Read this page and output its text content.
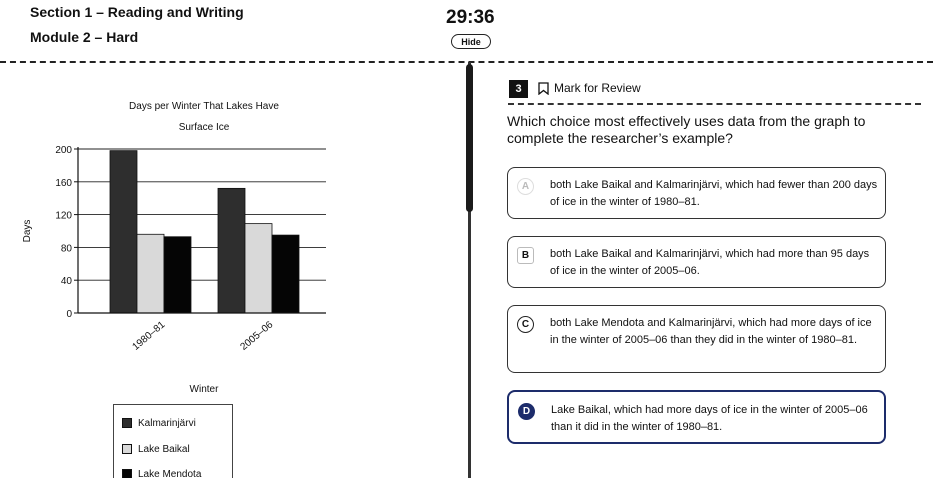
Section 1 – Reading and Writing
Module 2 – Hard
29:36
Hide
Days per Winter That Lakes Have
Surface Ice
0
40
80
120
160
200
1980–81	2005–06
Days
Winter
Kalmarinjärvi
Lake Baikal
Lake Mendota
3	Mark for Review
Which choice most effectively uses data from the graph to complete the researcher’s example?
A	both Lake Baikal and Kalmarinjärvi, which had fewer than 200 days of ice in the winter of 1980–81.
B	both Lake Baikal and Kalmarinjärvi, which had more than 95 days of ice in the winter of 2005–06.
C	both Lake Mendota and Kalmarinjärvi, which had more days of ice in the winter of 2005–06 than they did in the winter of 1980–81.
D	Lake Baikal, which had more days of ice in the winter of 2005–06 than it did in the winter of 1980–81.
